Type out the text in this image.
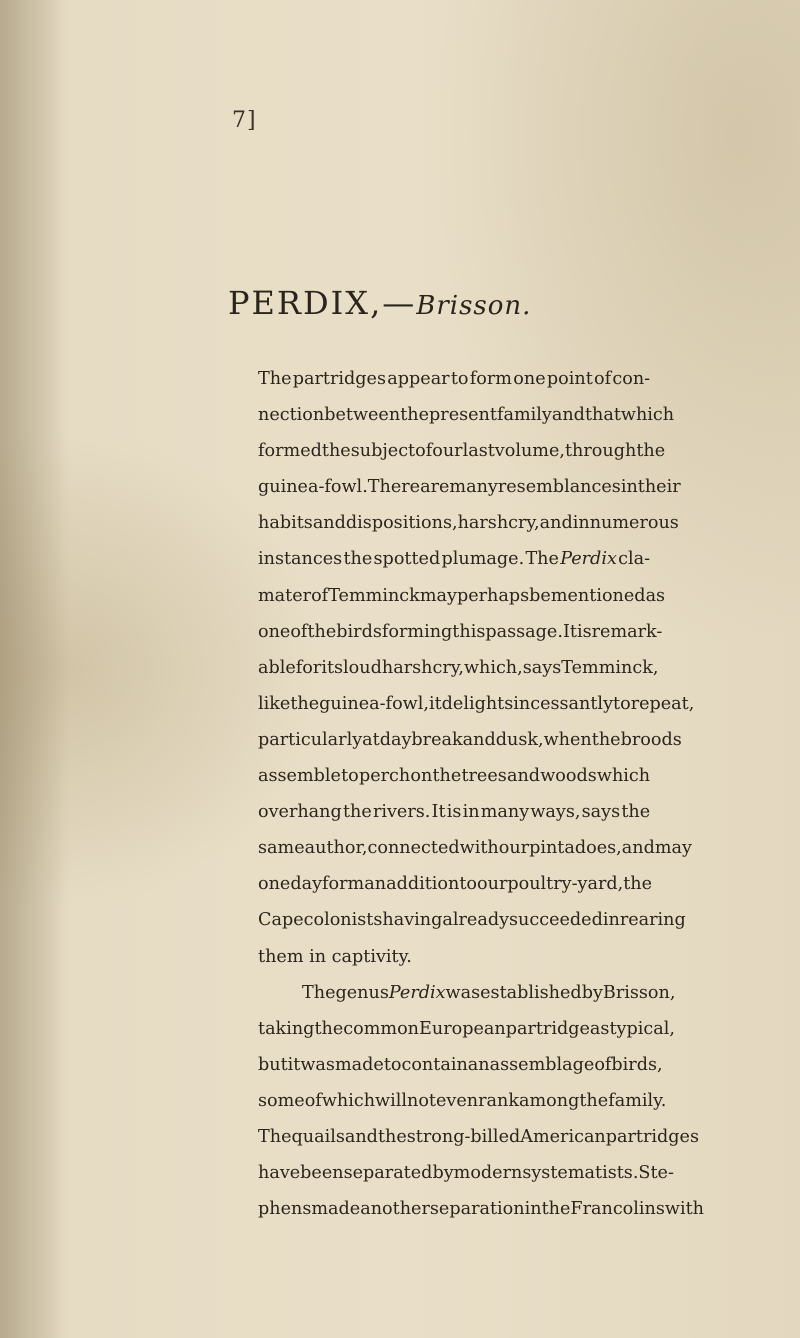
7]
PERDIX,—Brisson.
The partridges appear to form one point of con-
nection between the present family and that which
formed the subject of our last volume, through the
guinea-fowl. There are many resemblances in their
habits and dispositions, harsh cry, and in numerous
instances the spotted plumage. The Perdix cla-
mater of Temminck may perhaps be mentioned as
one of the birds forming this passage. It is remark-
able for its loud harsh cry, which, says Temminck,
like the guinea-fowl, it delights incessantly to repeat,
particularly at daybreak and dusk, when the broods
assemble to perch on the trees and woods which
overhang the rivers. It is in many ways, says the
same author, connected with our pintadoes, and may
one day form an addition to our poultry-yard, the
Cape colonists having already succeeded in rearing
them in captivity.
The genus Perdix was established by Brisson,
taking the common European partridge as typical,
but it was made to contain an assemblage of birds,
some of which will not even rank among the family.
The quails and the strong-billed American partridges
have been separated by modern systematists. Ste-
phens made another separation in the Francolins with
